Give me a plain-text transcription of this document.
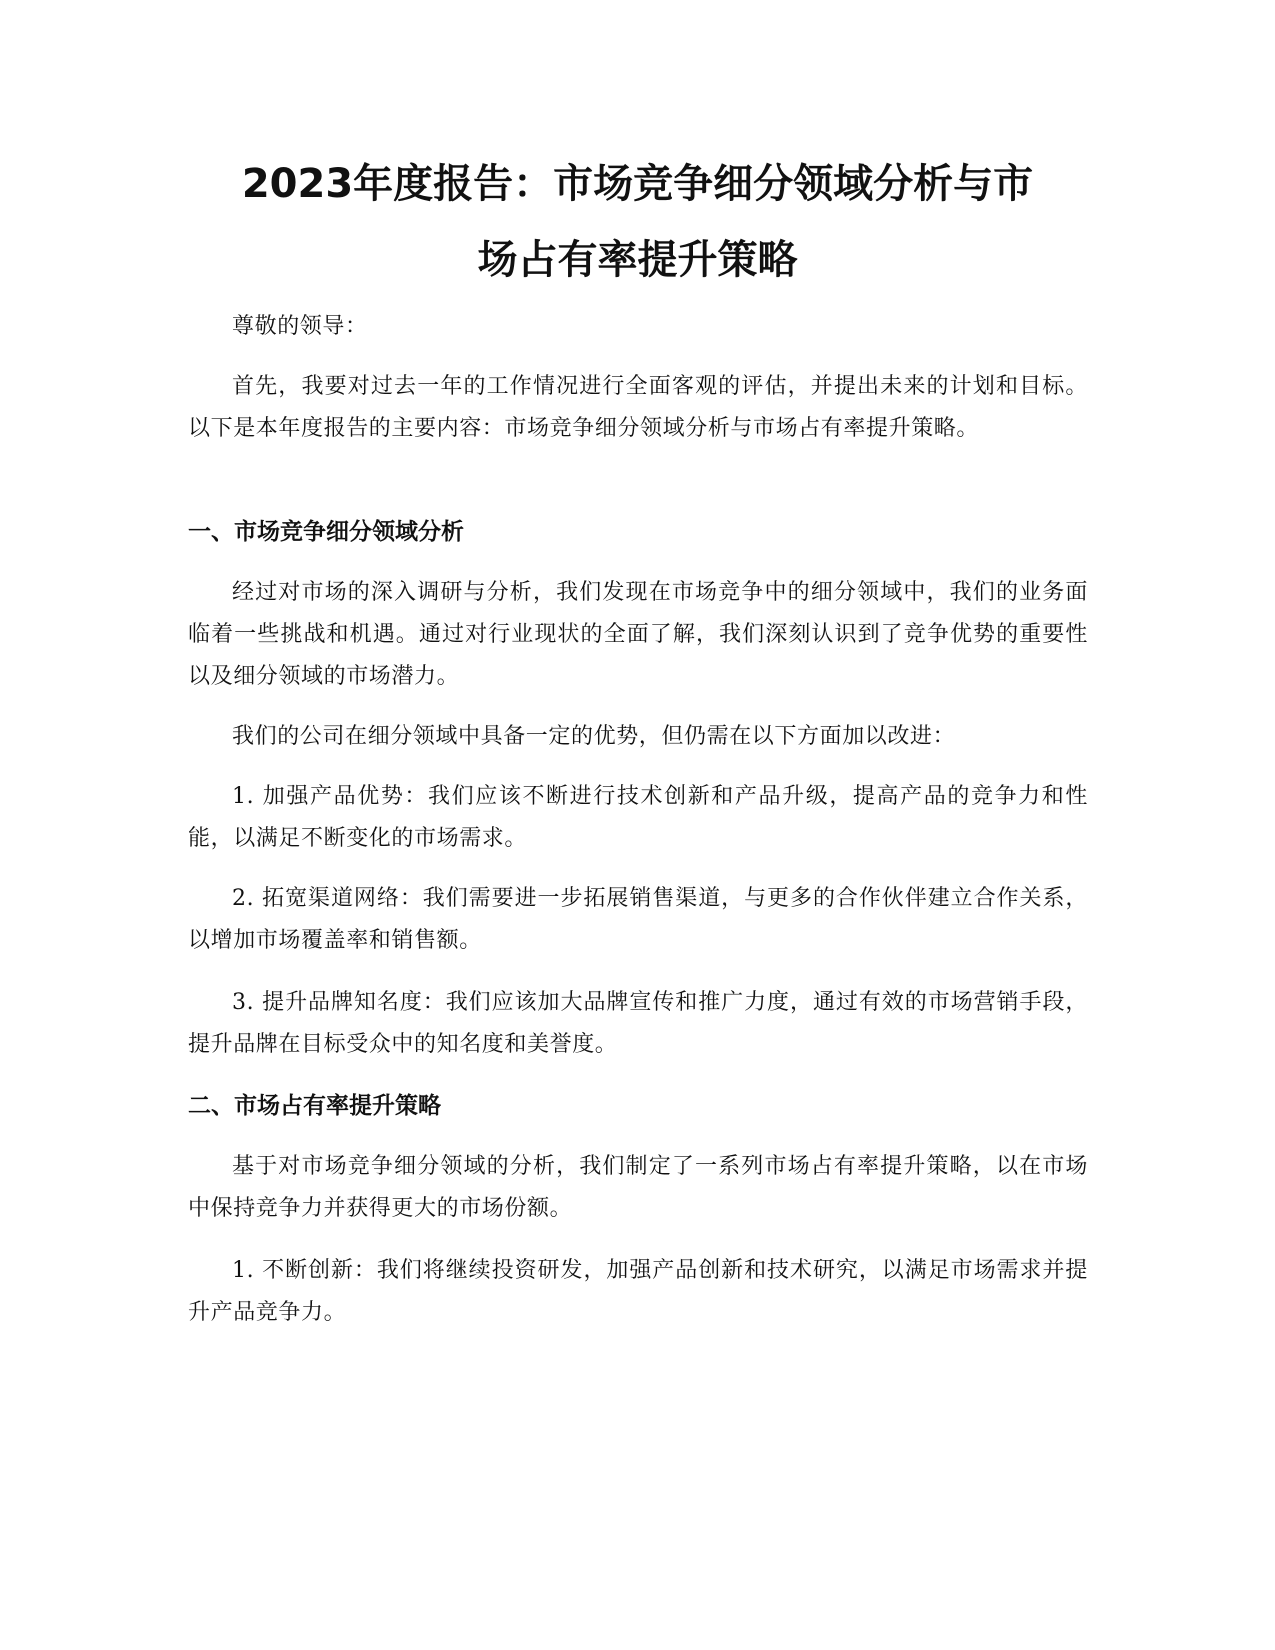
2023年度报告：市场竞争细分领域分析与市
场占有率提升策略

尊敬的领导：

首先，我要对过去一年的工作情况进行全面客观的评估，并提出未来的计划和目标。以下是本年度报告的主要内容：市场竞争细分领域分析与市场占有率提升策略。

一、市场竞争细分领域分析

经过对市场的深入调研与分析，我们发现在市场竞争中的细分领域中，我们的业务面临着一些挑战和机遇。通过对行业现状的全面了解，我们深刻认识到了竞争优势的重要性以及细分领域的市场潜力。

我们的公司在细分领域中具备一定的优势，但仍需在以下方面加以改进：

1. 加强产品优势：我们应该不断进行技术创新和产品升级，提高产品的竞争力和性能，以满足不断变化的市场需求。

2. 拓宽渠道网络：我们需要进一步拓展销售渠道，与更多的合作伙伴建立合作关系，以增加市场覆盖率和销售额。

3. 提升品牌知名度：我们应该加大品牌宣传和推广力度，通过有效的市场营销手段，提升品牌在目标受众中的知名度和美誉度。

二、市场占有率提升策略

基于对市场竞争细分领域的分析，我们制定了一系列市场占有率提升策略，以在市场中保持竞争力并获得更大的市场份额。

1. 不断创新：我们将继续投资研发，加强产品创新和技术研究，以满足市场需求并提升产品竞争力。
